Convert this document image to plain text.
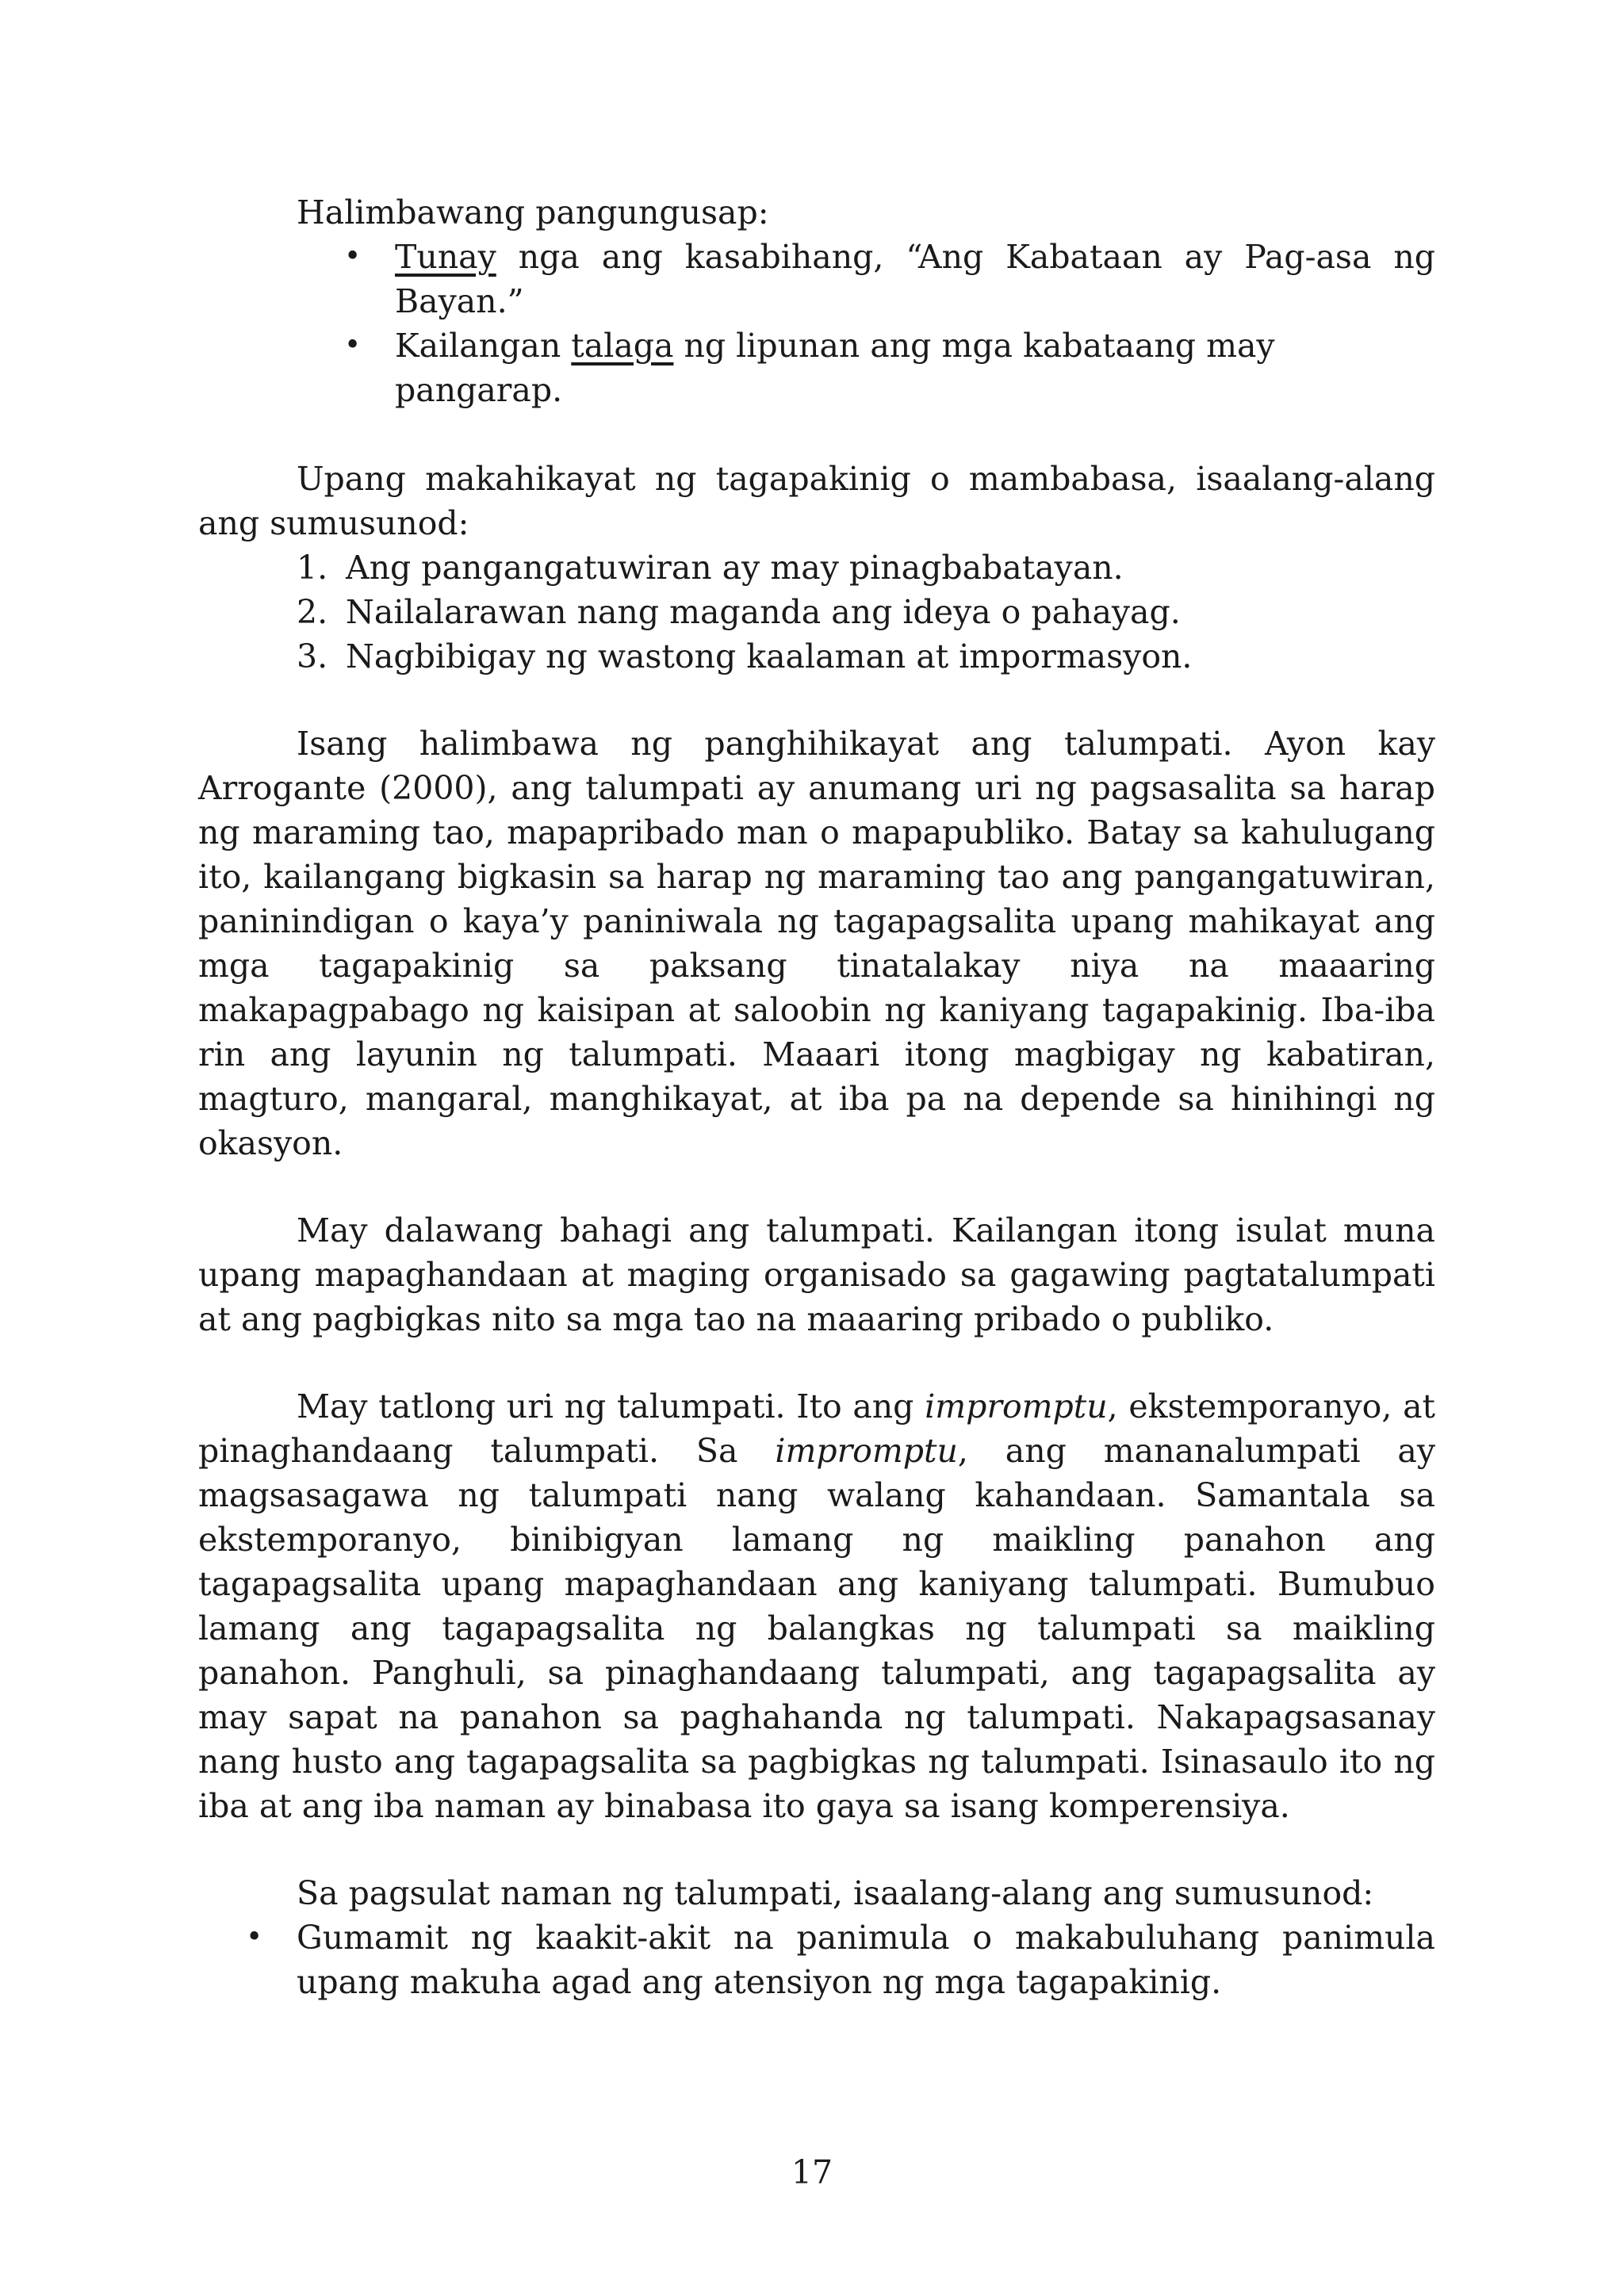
Halimbawang pangungusap:

• Tunay nga ang kasabihang, “Ang Kabataan ay Pag-asa ng Bayan.”
• Kailangan talaga ng lipunan ang mga kabataang may pangarap.

Upang makahikayat ng tagapakinig o mambabasa, isaalang-alang ang sumusunod:

1. Ang pangangatuwiran ay may pinagbabatayan.
2. Nailalarawan nang maganda ang ideya o pahayag.
3. Nagbibigay ng wastong kaalaman at impormasyon.

Isang halimbawa ng panghihikayat ang talumpati. Ayon kay Arrogante (2000), ang talumpati ay anumang uri ng pagsasalita sa harap ng maraming tao, mapapribado man o mapapubliko. Batay sa kahulugang ito, kailangang bigkasin sa harap ng maraming tao ang pangangatuwiran, paninindigan o kaya’y paniniwala ng tagapagsalita upang mahikayat ang mga tagapakinig sa paksang tinatalakay niya na maaaring makapagpabago ng kaisipan at saloobin ng kaniyang tagapakinig. Iba-iba rin ang layunin ng talumpati. Maaari itong magbigay ng kabatiran, magturo, mangaral, manghikayat, at iba pa na depende sa hinihingi ng okasyon.

May dalawang bahagi ang talumpati. Kailangan itong isulat muna upang mapaghandaan at maging organisado sa gagawing pagtatalumpati at ang pagbigkas nito sa mga tao na maaaring pribado o publiko.

May tatlong uri ng talumpati. Ito ang impromptu, ekstemporanyo, at pinaghandaang talumpati. Sa impromptu, ang mananalumpati ay magsasagawa ng talumpati nang walang kahandaan. Samantala sa ekstemporanyo, binibigyan lamang ng maikling panahon ang tagapagsalita upang mapaghandaan ang kaniyang talumpati. Bumubuo lamang ang tagapagsalita ng balangkas ng talumpati sa maikling panahon. Panghuli, sa pinaghandaang talumpati, ang tagapagsalita ay may sapat na panahon sa paghahanda ng talumpati. Nakapagsasanay nang husto ang tagapagsalita sa pagbigkas ng talumpati. Isinasaulo ito ng iba at ang iba naman ay binabasa ito gaya sa isang komperensiya.

Sa pagsulat naman ng talumpati, isaalang-alang ang sumusunod:

• Gumamit ng kaakit-akit na panimula o makabuluhang panimula upang makuha agad ang atensiyon ng mga tagapakinig.
17
